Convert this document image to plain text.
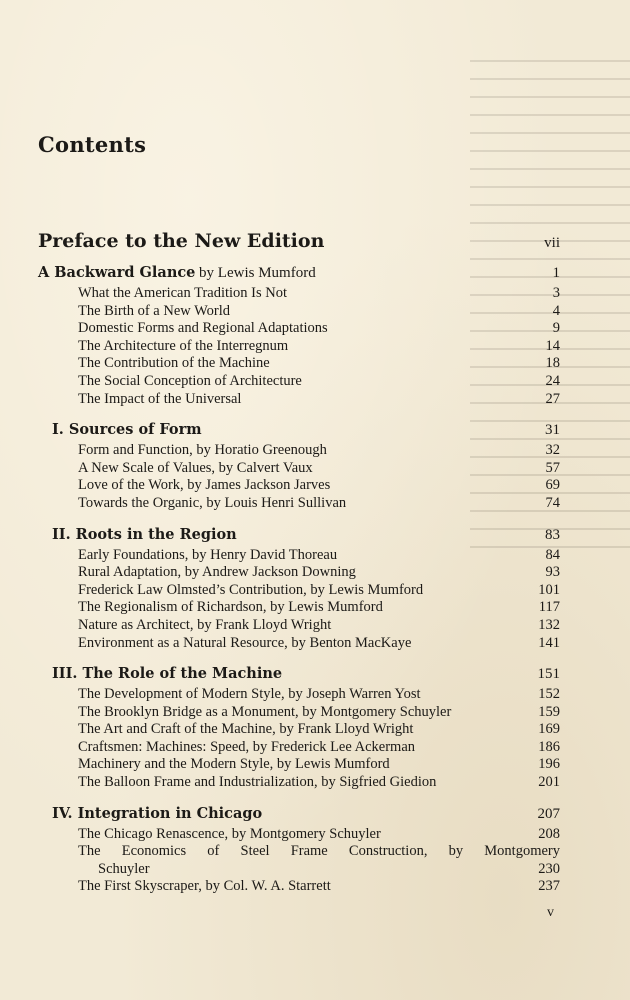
Contents
Preface to the New Edition	vii
A Backward Glance by Lewis Mumford	1
What the American Tradition Is Not	3
The Birth of a New World	4
Domestic Forms and Regional Adaptations	9
The Architecture of the Interregnum	14
The Contribution of the Machine	18
The Social Conception of Architecture	24
The Impact of the Universal	27
I. Sources of Form	31
Form and Function, by Horatio Greenough	32
A New Scale of Values, by Calvert Vaux	57
Love of the Work, by James Jackson Jarves	69
Towards the Organic, by Louis Henri Sullivan	74
II. Roots in the Region	83
Early Foundations, by Henry David Thoreau	84
Rural Adaptation, by Andrew Jackson Downing	93
Frederick Law Olmsted’s Contribution, by Lewis Mumford	101
The Regionalism of Richardson, by Lewis Mumford	117
Nature as Architect, by Frank Lloyd Wright	132
Environment as a Natural Resource, by Benton MacKaye	141
III. The Role of the Machine	151
The Development of Modern Style, by Joseph Warren Yost	152
The Brooklyn Bridge as a Monument, by Montgomery Schuyler	159
The Art and Craft of the Machine, by Frank Lloyd Wright	169
Craftsmen: Machines: Speed, by Frederick Lee Ackerman	186
Machinery and the Modern Style, by Lewis Mumford	196
The Balloon Frame and Industrialization, by Sigfried Giedion	201
IV. Integration in Chicago	207
The Chicago Renascence, by Montgomery Schuyler	208
The Economics of Steel Frame Construction, by Montgomery
Schuyler	230
The First Skyscraper, by Col. W. A. Starrett	237
v
